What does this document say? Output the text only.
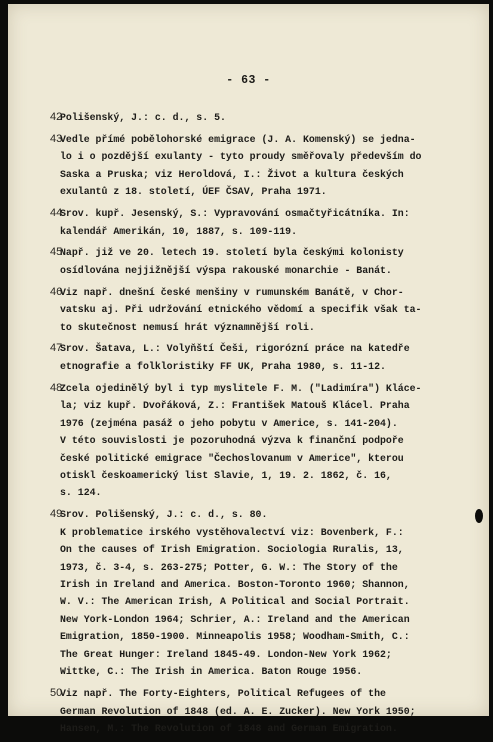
- 63 -
42
Polišenský, J.: c. d., s. 5.
43
Vedle přímé pobělohorské emigrace (J. A. Komenský) se jedna-
lo i o pozdější exulanty - tyto proudy směřovaly především do
Saska a Pruska; viz Heroldová, I.: Život a kultura českých
exulantů z 18. století, ÚEF ČSAV, Praha 1971.
44
Srov. kupř. Jesenský, S.: Vypravování osmačtyřicátníka. In:
kalendář Amerikán, 10, 1887, s. 109-119.
45
Např. již ve 20. letech 19. století byla českými kolonisty
osídlována nejjižnější výspa rakouské monarchie - Banát.
46
Viz např. dnešní české menšiny v rumunském Banátě, v Chor-
vatsku aj. Při udržování etnického vědomí a specifik však ta-
to skutečnost nemusí hrát významnější roli.
47
Srov. Šatava, L.: Volyňští Češi, rigorózní práce na katedře
etnografie a folkloristiky FF UK, Praha 1980, s. 11-12.
48
Zcela ojedinělý byl i typ myslitele F. M. ("Ladimíra") Kláce-
la; viz kupř. Dvořáková, Z.: František Matouš Klácel. Praha
1976 (zejména pasáž o jeho pobytu v Americe, s. 141-204).
V této souvislosti je pozoruhodná výzva k finanční podpoře
české politické emigrace "Čechoslovanum v Americe", kterou
otiskl českoamerický list Slavie, 1, 19. 2. 1862, č. 16,
s. 124.
49
Srov. Polišenský, J.: c. d., s. 80.
K problematice irského vystěhovalectví viz: Bovenberk, F.:
On the causes of Irish Emigration. Sociologia Ruralis, 13,
1973, č. 3-4, s. 263-275; Potter, G. W.: The Story of the
Irish in Ireland and America. Boston-Toronto 1960; Shannon,
W. V.: The American Irish, A Political and Social Portrait.
New York-London 1964; Schrier, A.: Ireland and the American
Emigration, 1850-1900. Minneapolis 1958; Woodham-Smith, C.:
The Great Hunger: Ireland 1845-49. London-New York 1962;
Wittke, C.: The Irish in America. Baton Rouge 1956.
50
Viz např. The Forty-Eighters, Political Refugees of the
German Revolution of 1848 (ed. A. E. Zucker). New York 1950;
Hansen, M.: The Revolution of 1848 and German Emigration.
